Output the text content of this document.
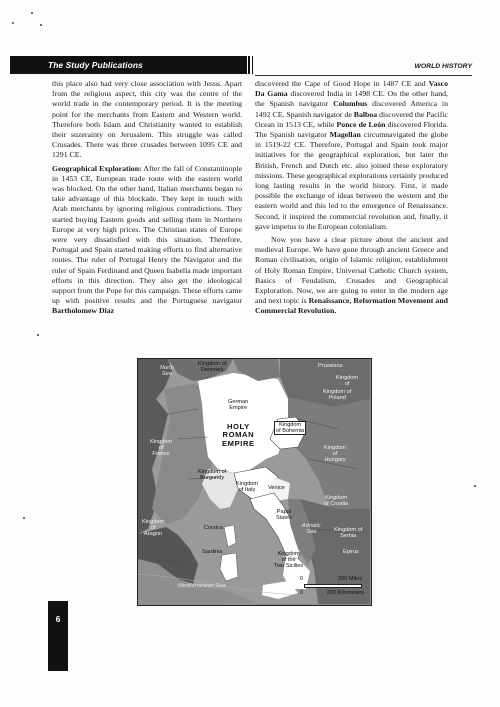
The Study Publications	WORLD HISTORY

this place also had very close association with Jesus. Apart from the religious aspect, this city was the centre of the world trade in the contemporary period. It is the meeting point for the merchants from Eastern and Western world. Therefore both Islam and Christianity wanted to establish their suzerainty on Jerusalem. This struggle was called Crusades. There was three crusades between 1095 CE and 1291 CE.

Geographical Exploration: After the fall of Constantinople in 1453 CE, European trade route with the eastern world was blocked. On the other hand, Italian merchants began to take advantage of this blockade. They kept in touch with Arab merchants by ignoring religious contradictions. They started buying Eastern goods and selling them in Northern Europe at very high prices. The Christian states of Europe were very dissatisfied with this situation. Therefore, Portugal and Spain started making efforts to find alternative routes. The ruler of Portugal Henry the Navigator and the ruler of Spain Ferdinand and Queen Isabella made important efforts in this direction. They also get the ideological support from the Pope for this campaign. These efforts came up with positive results and the Portuguese navigator Bartholomew Diaz

discovered the Cape of Good Hope in 1487 CE and Vasco Da Gama discovered India in 1498 CE. On the other hand, the Spanish navigator Columbus discovered America in 1492 CE. Spanish navigator de Balboa discovered the Pacific Ocean in 1513 CE, while Ponce de León discovered Florida. The Spanish navigator Magellan circumnavigated the globe in 1519-22 CE. Therefore, Portugal and Spain took major initiatives for the geographical exploration, but later the British, French and Dutch etc. also joined these exploratory missions. These geographical explorations certainly produced long lasting results in the world history. First, it made possible the exchange of ideas between the western and the eastern world and this led to the emergence of Renaissance. Second, it inspired the commercial revolution and, finally, it gave impetus to the European colonialism.

Now you have a clear picture about the ancient and medieval Europe. We have gone through ancient Greece and Roman civilisation, origin of Islamic religion, establishment of Holy Roman Empire, Universal Catholic Church system, Basics of Feudalism, Crusades and Geographical Exploration. Now, we are going to enter in the modern age and next topic is Renaissance, Reformation Movement and Commercial Revolution.

Kingdom of
Denmark
North
Sea
Prussians
Kingdom
of
Kingdom of
Poland
German
Empire
HOLY
ROMAN
EMPIRE
Kingdom
of Bohemia
Kingdom
of
Hungary
Kingdom of
Burgundy
Kingdom
of Italy
Kingdom
of
France
Venice
Papal
States
Kingdom
of Croatia
Kingdom of
Serbia
Adriatic
Sea
Corsica
Sardinia
Kingdom
of
Aragon
Kingdom
of the
Two Sicilies
Mediterranean Sea
Epirus
0	200 Miles
0	200 Kilometers
6
